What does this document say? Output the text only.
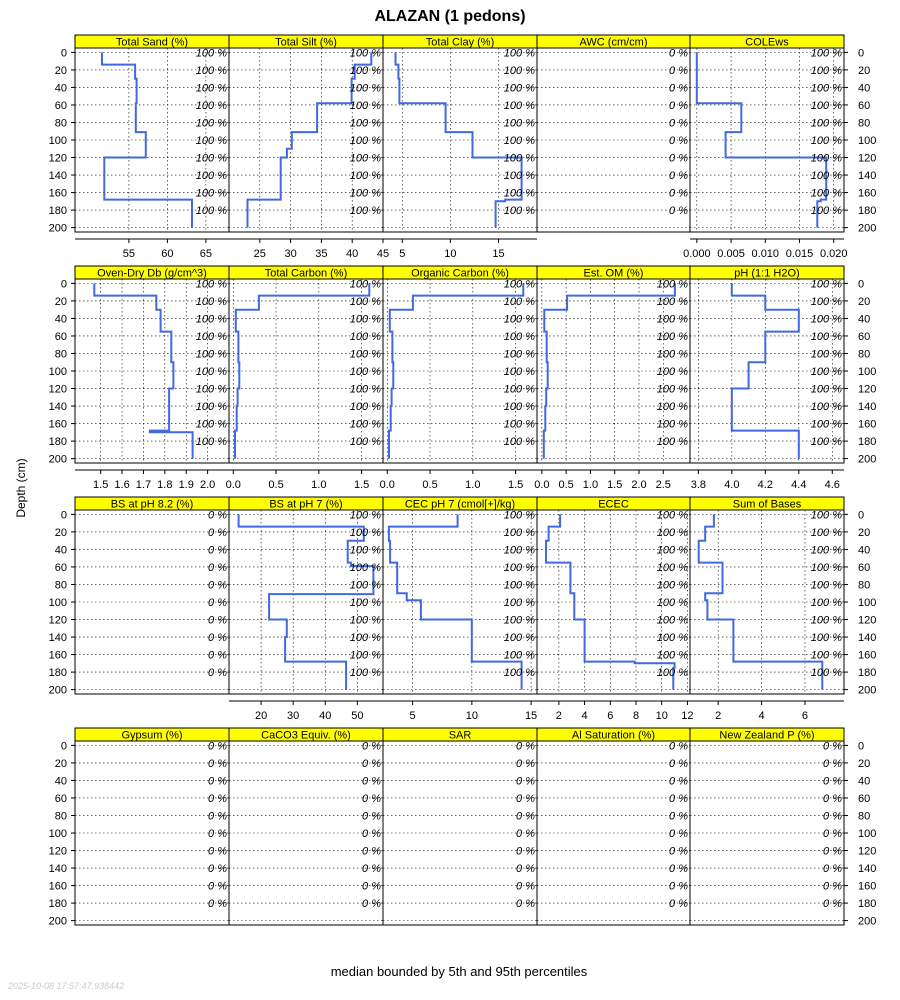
ALAZAN (1 pedons)
Depth (cm)
median bounded by 5th and 95th percentiles
2025-10-08 17:57:47.938442
Total Sand (%)
100 %
100 %
100 %
100 %
100 %
100 %
100 %
100 %
100 %
100 %
55 60 65
0
20
40
60
80
100
120
140
160
180
200
Total Silt (%)
100 %
100 %
100 %
100 %
100 %
100 %
100 %
100 %
100 %
100 %
25 30 35 40 45
Total Clay (%)
100 %
100 %
100 %
100 %
100 %
100 %
100 %
100 %
100 %
100 %
5	10	15
AWC (cm/cm)
0 %
0 %
0 %
0 %
0 %
0 %
0 %
0 %
0 %
0 %
COLEws
100 %
100 %
100 %
100 %
100 %
100 %
100 %
100 %
100 %
100 %
0.000 0.005 0.010 0.015 0.020
0
20
40
60
80
100
120
140
160
180
200
Oven-Dry Db (g/cm^3)
100 %
100 %
100 %
100 %
100 %
100 %
100 %
100 %
100 %
100 %
1.5 1.6 1.7 1.8 1.9 2.0
0
20
40
60
80
100
120
140
160
180
200
Total Carbon (%)
100 %
100 %
100 %
100 %
100 %
100 %
100 %
100 %
100 %
100 %
0.0 0.5 1.0 1.5
Organic Carbon (%)
100 %
100 %
100 %
100 %
100 %
100 %
100 %
100 %
100 %
100 %
0.0 0.5 1.0 1.5
Est. OM (%)
100 %
100 %
100 %
100 %
100 %
100 %
100 %
100 %
100 %
100 %
0.0 0.5 1.0 1.5 2.0 2.5
pH (1:1 H2O)
100 %
100 %
100 %
100 %
100 %
100 %
100 %
100 %
100 %
100 %
3.8 4.0 4.2 4.4 4.6
0
20
40
60
80
100
120
140
160
180
200
BS at pH 8.2 (%)
0 %
0 %
0 %
0 %
0 %
0 %
0 %
0 %
0 %
0 %
0
20
40
60
80
100
120
140
160
180
200
BS at pH 7 (%)
100 %
100 %
100 %
100 %
100 %
100 %
100 %
100 %
100 %
100 %
20 30 40 50
CEC pH 7 (cmol[+]/kg)
100 %
100 %
100 %
100 %
100 %
100 %
100 %
100 %
100 %
100 %
5	10	15
ECEC
100 %
100 %
100 %
100 %
100 %
100 %
100 %
100 %
100 %
100 %
2 4 6 8 10 12
Sum of Bases
100 %
100 %
100 %
100 %
100 %
100 %
100 %
100 %
100 %
100 %
2	4	6
0
20
40
60
80
100
120
140
160
180
200
Gypsum (%)
0 %
0 %
0 %
0 %
0 %
0 %
0 %
0 %
0 %
0 %
0
20
40
60
80
100
120
140
160
180
200
CaCO3 Equiv. (%)
0 %
0 %
0 %
0 %
0 %
0 %
0 %
0 %
0 %
0 %
SAR
0 %
0 %
0 %
0 %
0 %
0 %
0 %
0 %
0 %
0 %
Al Saturation (%)
0 %
0 %
0 %
0 %
0 %
0 %
0 %
0 %
0 %
0 %
New Zealand P (%)
0 %
0 %
0 %
0 %
0 %
0 %
0 %
0 %
0 %
0 %
0
20
40
60
80
100
120
140
160
180
200
